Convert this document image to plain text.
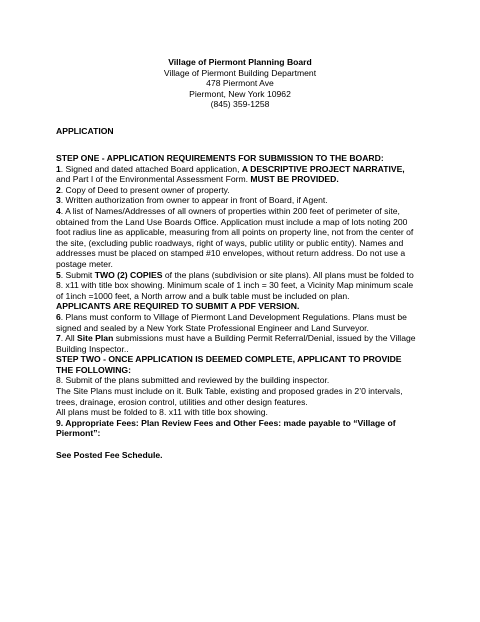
Village of Piermont Planning Board
Village of Piermont Building Department
478 Piermont Ave
Piermont, New York 10962
(845) 359-1258
APPLICATION

STEP ONE - APPLICATION REQUIREMENTS FOR SUBMISSION TO THE BOARD:

1. Signed and dated attached Board application, A DESCRIPTIVE PROJECT NARRATIVE, and Part I of the Environmental Assessment Form. MUST BE PROVIDED.

2. Copy of Deed to present owner of property.

3. Written authorization from owner to appear in front of Board, if Agent.

4. A list of Names/Addresses of all owners of properties within 200 feet of perimeter of site, obtained from the Land Use Boards Office. Application must include a map of lots noting 200 foot radius line as applicable, measuring from all points on property line, not from the center of the site, (excluding public roadways, right of ways, public utility or public entity). Names and addresses must be placed on stamped #10 envelopes, without return address. Do not use a postage meter.

5. Submit TWO (2) COPIES of the plans (subdivision or site plans). All plans must be folded to 8. x11 with title box showing. Minimum scale of 1 inch = 30 feet, a Vicinity Map minimum scale of 1inch =1000 feet, a North arrow and a bulk table must be included on plan.

APPLICANTS ARE REQUIRED TO SUBMIT A PDF VERSION.

6. Plans must conform to Village of Piermont Land Development Regulations. Plans must be signed and sealed by a New York State Professional Engineer and Land Surveyor.

7. All Site Plan submissions must have a Building Permit Referral/Denial, issued by the Village Building Inspector..

STEP TWO - ONCE APPLICATION IS DEEMED COMPLETE, APPLICANT TO PROVIDE THE FOLLOWING:

8. Submit of the plans submitted and reviewed by the building inspector.

The Site Plans must include on it. Bulk Table, existing and proposed grades in 2’0 intervals, trees, drainage, erosion control, utilities and other design features.

All plans must be folded to 8. x11 with title box showing.

9. Appropriate Fees: Plan Review Fees and Other Fees: made payable to “Village of Piermont”:

See Posted Fee Schedule.
